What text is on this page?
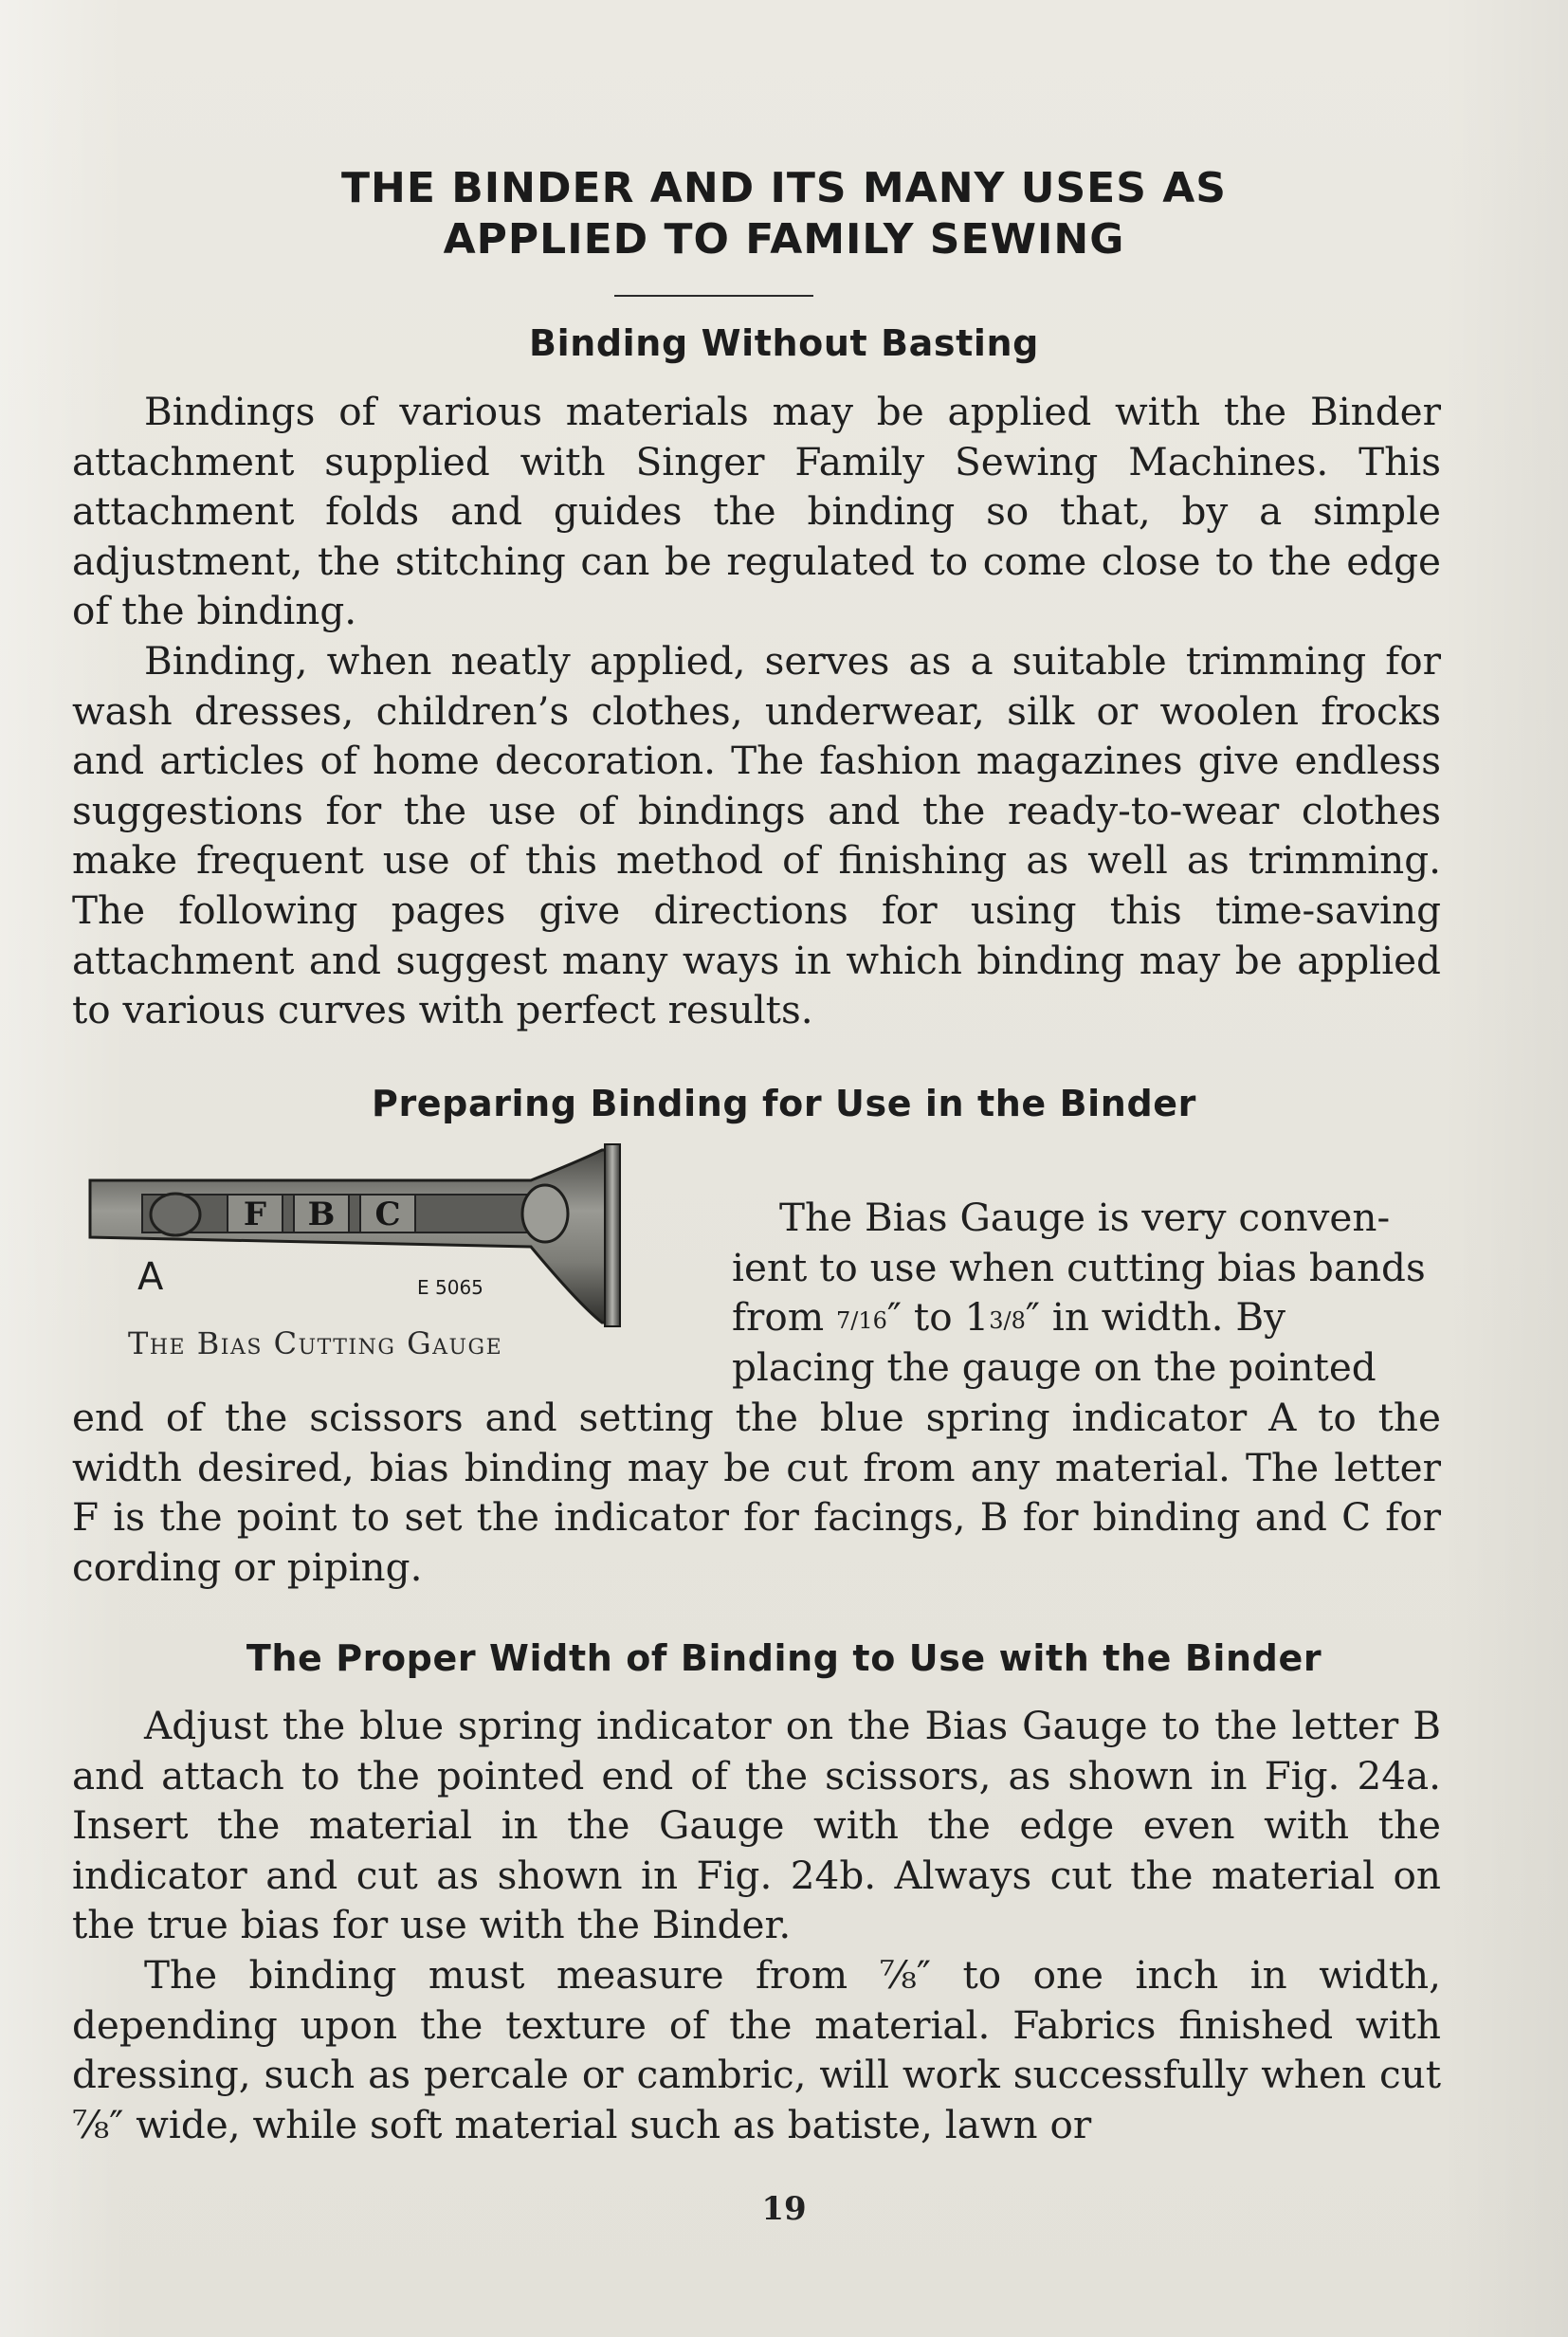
THE BINDER AND ITS MANY USES AS
APPLIED TO FAMILY SEWING
Binding Without Basting

Bindings of various materials may be applied with the Binder attachment supplied with Singer Family Sewing Machines. This attachment folds and guides the binding so that, by a simple adjustment, the stitching can be regulated to come close to the edge of the binding.

Binding, when neatly applied, serves as a suitable trimming for wash dresses, children’s clothes, underwear, silk or woolen frocks and articles of home decoration. The fashion magazines give endless suggestions for the use of bindings and the ready-to-wear clothes make frequent use of this method of finishing as well as trimming. The following pages give directions for using this time-saving attachment and suggest many ways in which binding may be applied to various curves with perfect results.

Preparing Binding for Use in the Binder
F B C
A	E 5065
The Bias Cutting Gauge

The Bias Gauge is very conven-
ient to use when cutting bias bands
from 7/16″ to 13/8″ in width. By
placing the gauge on the pointed

end of the scissors and setting the blue spring indicator A to the width desired, bias binding may be cut from any material. The letter F is the point to set the indicator for facings, B for binding and C for cording or piping.

The Proper Width of Binding to Use with the Binder

Adjust the blue spring indicator on the Bias Gauge to the letter B and attach to the pointed end of the scissors, as shown in Fig. 24a. Insert the material in the Gauge with the edge even with the indicator and cut as shown in Fig. 24b. Always cut the material on the true bias for use with the Binder.

The binding must measure from ⅞″ to one inch in width, depending upon the texture of the material. Fabrics finished with dressing, such as percale or cambric, will work successfully when cut ⅞″ wide, while soft material such as batiste, lawn or

19
